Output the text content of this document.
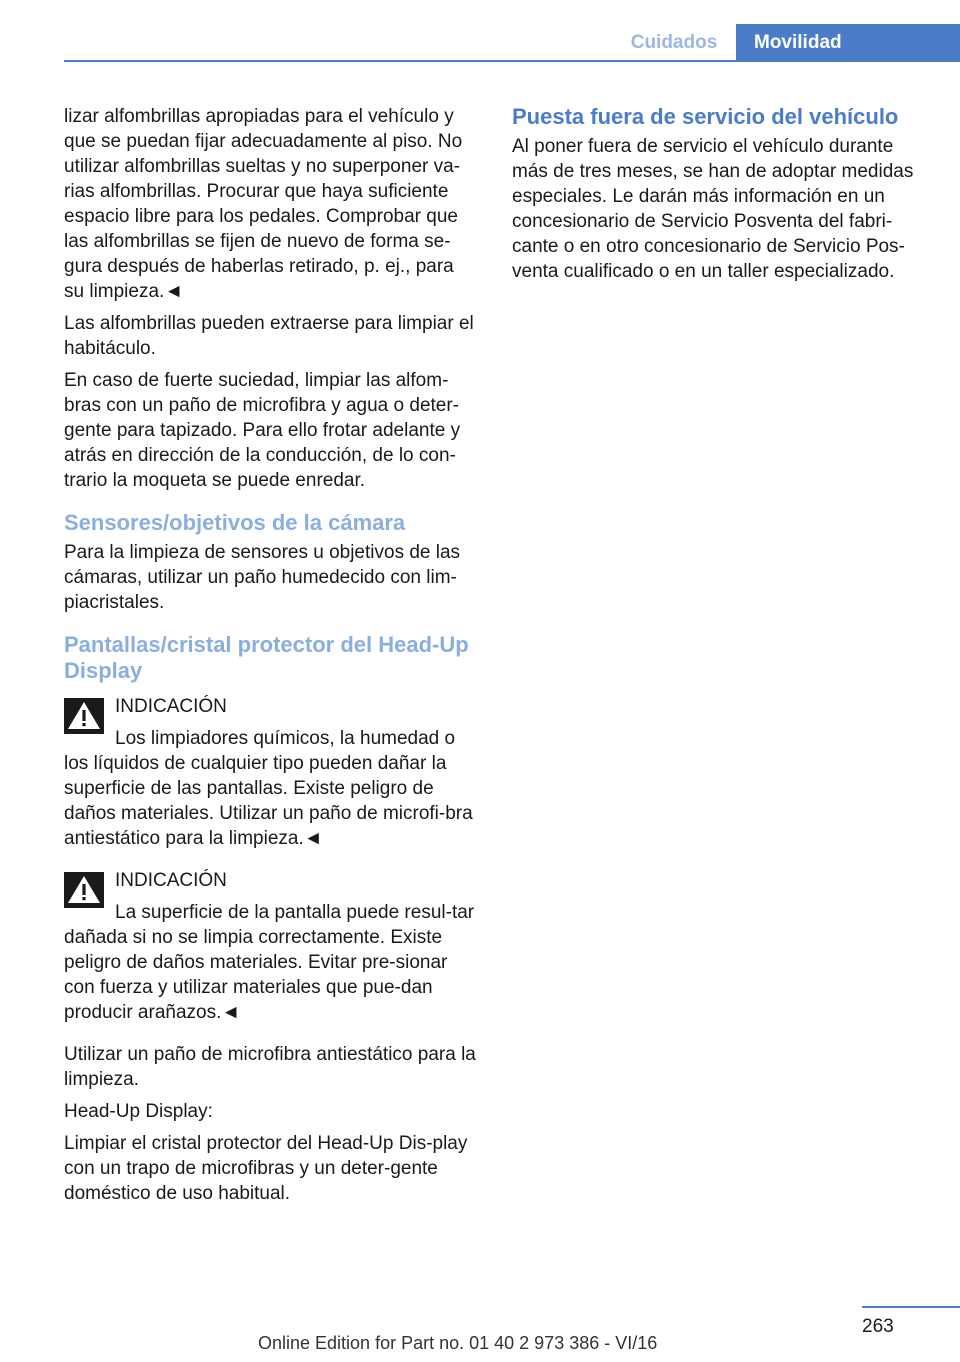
Cuidados	Movilidad

lizar alfombrillas apropiadas para el vehículo y que se puedan fijar adecuadamente al piso. No utilizar alfombrillas sueltas y no superponer va‐rias alfombrillas. Procurar que haya suficiente espacio libre para los pedales. Comprobar que las alfombrillas se fijen de nuevo de forma se‐gura después de haberlas retirado, p. ej., para su limpieza.◄

Las alfombrillas pueden extraerse para limpiar el habitáculo.

En caso de fuerte suciedad, limpiar las alfom‐bras con un paño de microfibra y agua o deter‐gente para tapizado. Para ello frotar adelante y atrás en dirección de la conducción, de lo con‐trario la moqueta se puede enredar.

Sensores/objetivos de la cámara

Para la limpieza de sensores u objetivos de las cámaras, utilizar un paño humedecido con lim‐piacristales.

Pantallas/cristal protector del Head-Up Display

INDICACIÓN

Los limpiadores químicos, la humedad o los líquidos de cualquier tipo pueden dañar la superficie de las pantallas. Existe peligro de daños materiales. Utilizar un paño de microfi‐bra antiestático para la limpieza.◄

INDICACIÓN

La superficie de la pantalla puede resul‐tar dañada si no se limpia correctamente. Existe peligro de daños materiales. Evitar pre‐sionar con fuerza y utilizar materiales que pue‐dan producir arañazos.◄

Utilizar un paño de microfibra antiestático para la limpieza.

Head-Up Display:

Limpiar el cristal protector del Head-Up Dis‐play con un trapo de microfibras y un deter‐gente doméstico de uso habitual.

Puesta fuera de servicio del vehículo

Al poner fuera de servicio el vehículo durante más de tres meses, se han de adoptar medidas especiales. Le darán más información en un concesionario de Servicio Posventa del fabri‐cante o en otro concesionario de Servicio Pos‐venta cualificado o en un taller especializado.

263
Online Edition for Part no. 01 40 2 973 386 - VI/16
